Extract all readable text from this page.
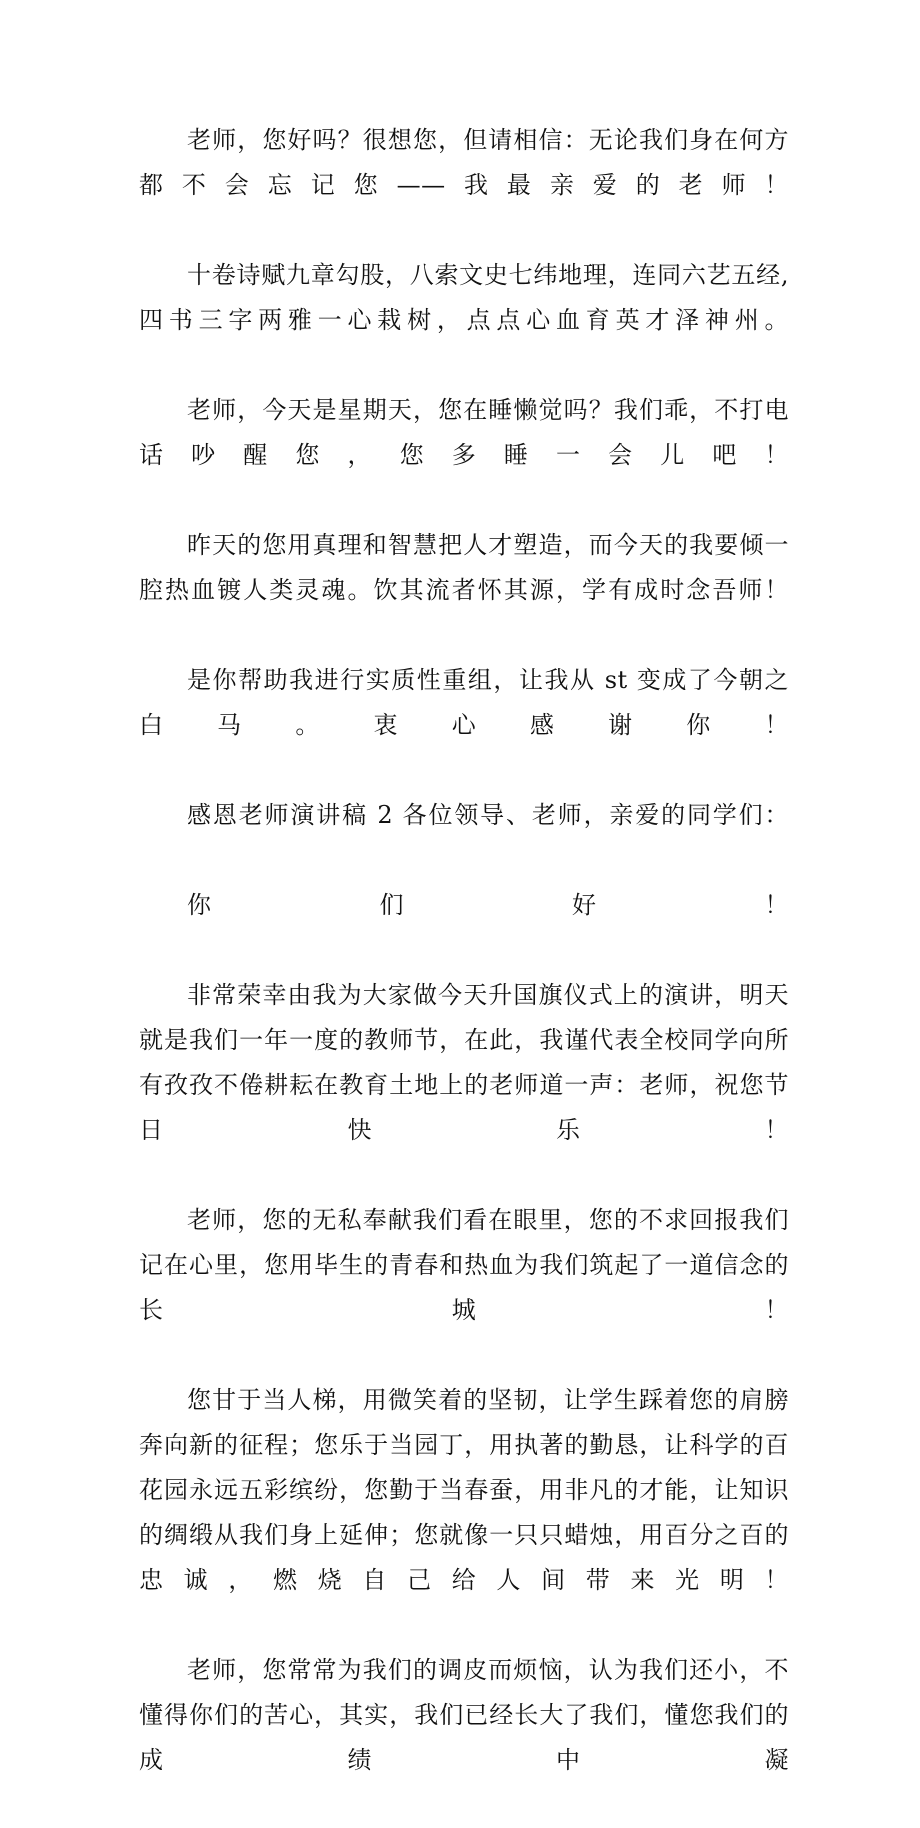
老师，您好吗？很想您，但请相信：无论我们身在何方都不会忘记您——我最亲爱的老师！

十卷诗赋九章勾股，八索文史七纬地理，连同六艺五经,四书三字两雅一心栽树，点点心血育英才泽神州。

老师，今天是星期天，您在睡懒觉吗？我们乖，不打电话吵醒您，您多睡一会儿吧！

昨天的您用真理和智慧把人才塑造，而今天的我要倾一腔热血镀人类灵魂。饮其流者怀其源，学有成时念吾师！

是你帮助我进行实质性重组，让我从 st 变成了今朝之白马。衷心感谢你！

感恩老师演讲稿 2 各位领导、老师，亲爱的同学们：

你们好！

非常荣幸由我为大家做今天升国旗仪式上的演讲，明天就是我们一年一度的教师节，在此，我谨代表全校同学向所有孜孜不倦耕耘在教育土地上的老师道一声：老师，祝您节日快乐！

老师，您的无私奉献我们看在眼里，您的不求回报我们记在心里，您用毕生的青春和热血为我们筑起了一道信念的长城！

您甘于当人梯，用微笑着的坚韧，让学生踩着您的肩膀奔向新的征程；您乐于当园丁，用执著的勤恳，让科学的百花园永远五彩缤纷，您勤于当春蚕，用非凡的才能，让知识的绸缎从我们身上延伸；您就像一只只蜡烛，用百分之百的忠诚，燃烧自己给人间带来光明！

老师，您常常为我们的调皮而烦恼，认为我们还小，不懂得你们的苦心，其实，我们已经长大了我们，懂您我们的成绩中凝
